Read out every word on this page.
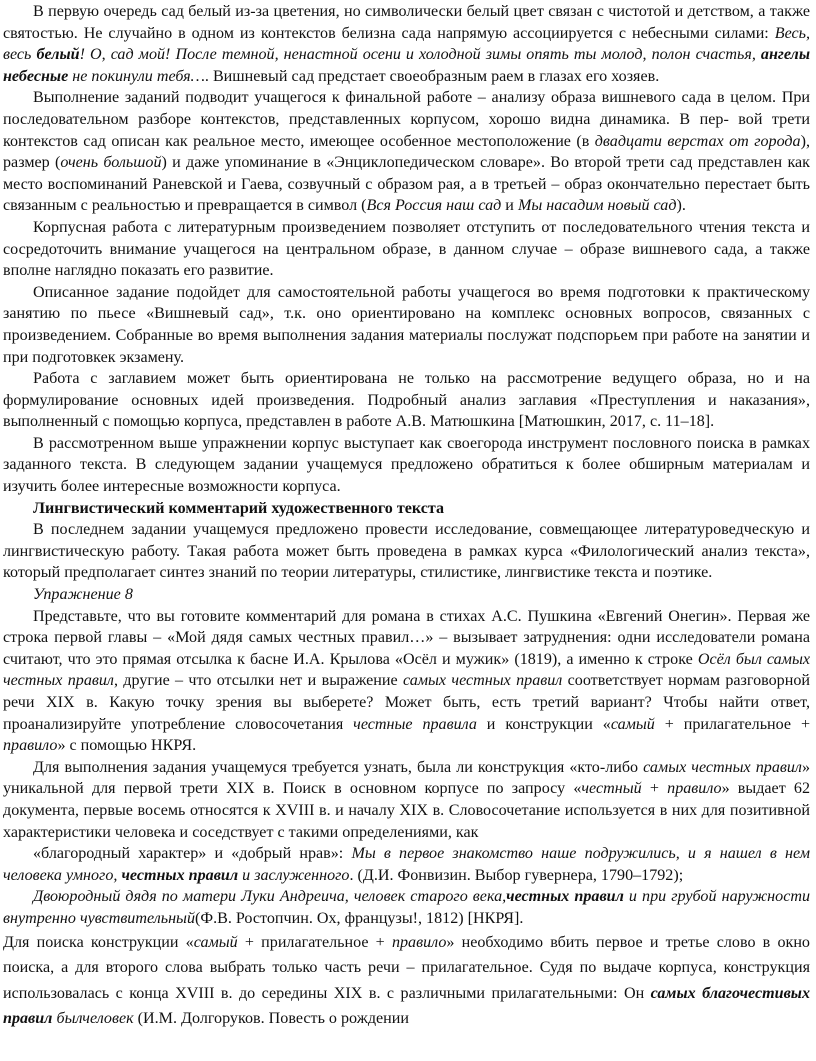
В первую очередь сад белый из-за цветения, но символически белый цвет связан с чистотой и детством, а также святостью. Не случайно в одном из контекстов белизна сада напрямую ассоциируется с небесными силами: Весь, весь белый! О, сад мой! После темной, ненастной осени и холодной зимы опять ты молод, полон счастья, ангелы небесные не покинули тебя…. Вишневый сад предстает своеобразным раем в глазах его хозяев.

Выполнение заданий подводит учащегося к финальной работе – анализу образа вишневого сада в целом. При последовательном разборе контекстов, представленных корпусом, хорошо видна динамика. В пер- вой трети контекстов сад описан как реальное место, имеющее особенное местоположение (в двадцати верстах от города), размер (очень большой) и даже упоминание в «Энциклопедическом словаре». Во второй трети сад представлен как место воспоминаний Раневской и Гаева, созвучный с образом рая, а в третьей – образ окончательно перестает быть связанным с реальностью и превращается в символ (Вся Россия наш сад и Мы насадим новый сад).

Корпусная работа с литературным произведением позволяет отступить от последовательного чтения текста и сосредоточить внимание учащегося на центральном образе, в данном случае – образе вишневого сада, а также вполне наглядно показать его развитие.

Описанное задание подойдет для самостоятельной работы учащегося во время подготовки к практическому занятию по пьесе «Вишневый сад», т.к. оно ориентировано на комплекс основных вопросов, связанных с произведением. Собранные во время выполнения задания материалы послужат подспорьем при работе на занятии и при подготовкек экзамену.

Работа с заглавием может быть ориентирована не только на рассмотрение ведущего образа, но и на формулирование основных идей произведения. Подробный анализ заглавия «Преступления и наказания», выполненный с помощью корпуса, представлен в работе А.В. Матюшкина [Матюшкин, 2017, с. 11–18].

В рассмотренном выше упражнении корпус выступает как своегорода инструмент пословного поиска в рамках заданного текста. В следующем задании учащемуся предложено обратиться к более обширным материалам и изучить более интересные возможности корпуса.

Лингвистический комментарий художественного текста

В последнем задании учащемуся предложено провести исследование, совмещающее литературоведческую и лингвистическую работу. Такая работа может быть проведена в рамках курса «Филологический анализ текста», который предполагает синтез знаний по теории литературы, стилистике, лингвистике текста и поэтике.

Упражнение 8

Представьте, что вы готовите комментарий для романа в стихах А.С. Пушкина «Евгений Онегин». Первая же строка первой главы – «Мой дядя самых честных правил…» – вызывает затруднения: одни исследователи романа считают, что это прямая отсылка к басне И.А. Крылова «Осёл и мужик» (1819), а именно к строке Осёл был самых честных правил, другие – что отсылки нет и выражение самых честных правил соответствует нормам разговорной речи XIX в. Какую точку зрения вы выберете? Может быть, есть третий вариант? Чтобы найти ответ, проанализируйте употребление словосочетания честные правила и конструкции «самый + прилагательное + правило» с помощью НКРЯ.

Для выполнения задания учащемуся требуется узнать, была ли конструкция «кто-либо самых честных правил» уникальной для первой трети XIX в. Поиск в основном корпусе по запросу «честный + правило» выдает 62 документа, первые восемь относятся к XVIII в. и началу XIX в. Словосочетание используется в них для позитивной характеристики человека и соседствует с такими определениями, как

«благородный характер» и «добрый нрав»: Мы в первое знакомство наше подружились, и я нашел в нем человека умного, честных правил и заслуженного. (Д.И. Фонвизин. Выбор гувернера, 1790–1792);

Двоюродный дядя по матери Луки Андреича, человек старого века,честных правил и при грубой наружности внутренно чувствительный(Ф.В. Ростопчин. Ох, французы!, 1812) [НКРЯ].

Для поиска конструкции «самый + прилагательное + правило» необходимо вбить первое и третье слово в окно поиска, а для второго слова выбрать только часть речи – прилагательное. Судя по выдаче корпуса, конструкция использовалась с конца XVIII в. до середины XIX в. с различными прилагательными: Он самых благочестивых правил былчеловек (И.М. Долгоруков. Повесть о рождении
